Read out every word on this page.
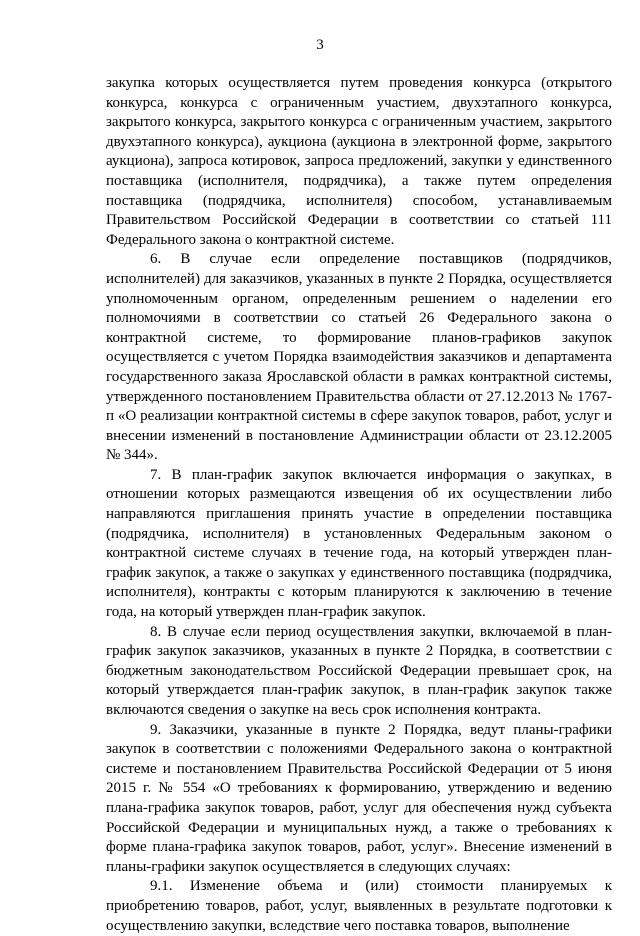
3

закупка которых осуществляется путем проведения конкурса (открытого конкурса, конкурса с ограниченным участием, двухэтапного конкурса, закрытого конкурса, закрытого конкурса с ограниченным участием, закрытого двухэтапного конкурса), аукциона (аукциона в электронной форме, закрытого аукциона), запроса котировок, запроса предложений, закупки у единственного поставщика (исполнителя, подрядчика), а также путем определения поставщика (подрядчика, исполнителя) способом, устанавливаемым Правительством Российской Федерации в соответствии со статьей 111 Федерального закона о контрактной системе.

6. В случае если определение поставщиков (подрядчиков, исполнителей) для заказчиков, указанных в пункте 2 Порядка, осуществляется уполномоченным органом, определенным решением о наделении его полномочиями в соответствии со статьей 26 Федерального закона о контрактной системе, то формирование планов-графиков закупок осуществляется с учетом Порядка взаимодействия заказчиков и департамента государственного заказа Ярославской области в рамках контрактной системы, утвержденного постановлением Правительства области от 27.12.2013 № 1767-п «О реализации контрактной системы в сфере закупок товаров, работ, услуг и внесении изменений в постановление Администрации области от 23.12.2005 № 344».

7. В план-график закупок включается информация о закупках, в отношении которых размещаются извещения об их осуществлении либо направляются приглашения принять участие в определении поставщика (подрядчика, исполнителя) в установленных Федеральным законом о контрактной системе случаях в течение года, на который утвержден план-график закупок, а также о закупках у единственного поставщика (подрядчика, исполнителя), контракты с которым планируются к заключению в течение года, на который утвержден план-график закупок.

8. В случае если период осуществления закупки, включаемой в план-график закупок заказчиков, указанных в пункте 2 Порядка, в соответствии с бюджетным законодательством Российской Федерации превышает срок, на который утверждается план-график закупок, в план-график закупок также включаются сведения о закупке на весь срок исполнения контракта.

9. Заказчики, указанные в пункте 2 Порядка, ведут планы-графики закупок в соответствии с положениями Федерального закона о контрактной системе и постановлением Правительства Российской Федерации от 5 июня 2015 г. № 554 «О требованиях к формированию, утверждению и ведению плана-графика закупок товаров, работ, услуг для обеспечения нужд субъекта Российской Федерации и муниципальных нужд, а также о требованиях к форме плана-графика закупок товаров, работ, услуг». Внесение изменений в планы-графики закупок осуществляется в следующих случаях:

9.1. Изменение объема и (или) стоимости планируемых к приобретению товаров, работ, услуг, выявленных в результате подготовки к осуществлению закупки, вследствие чего поставка товаров, выполнение
